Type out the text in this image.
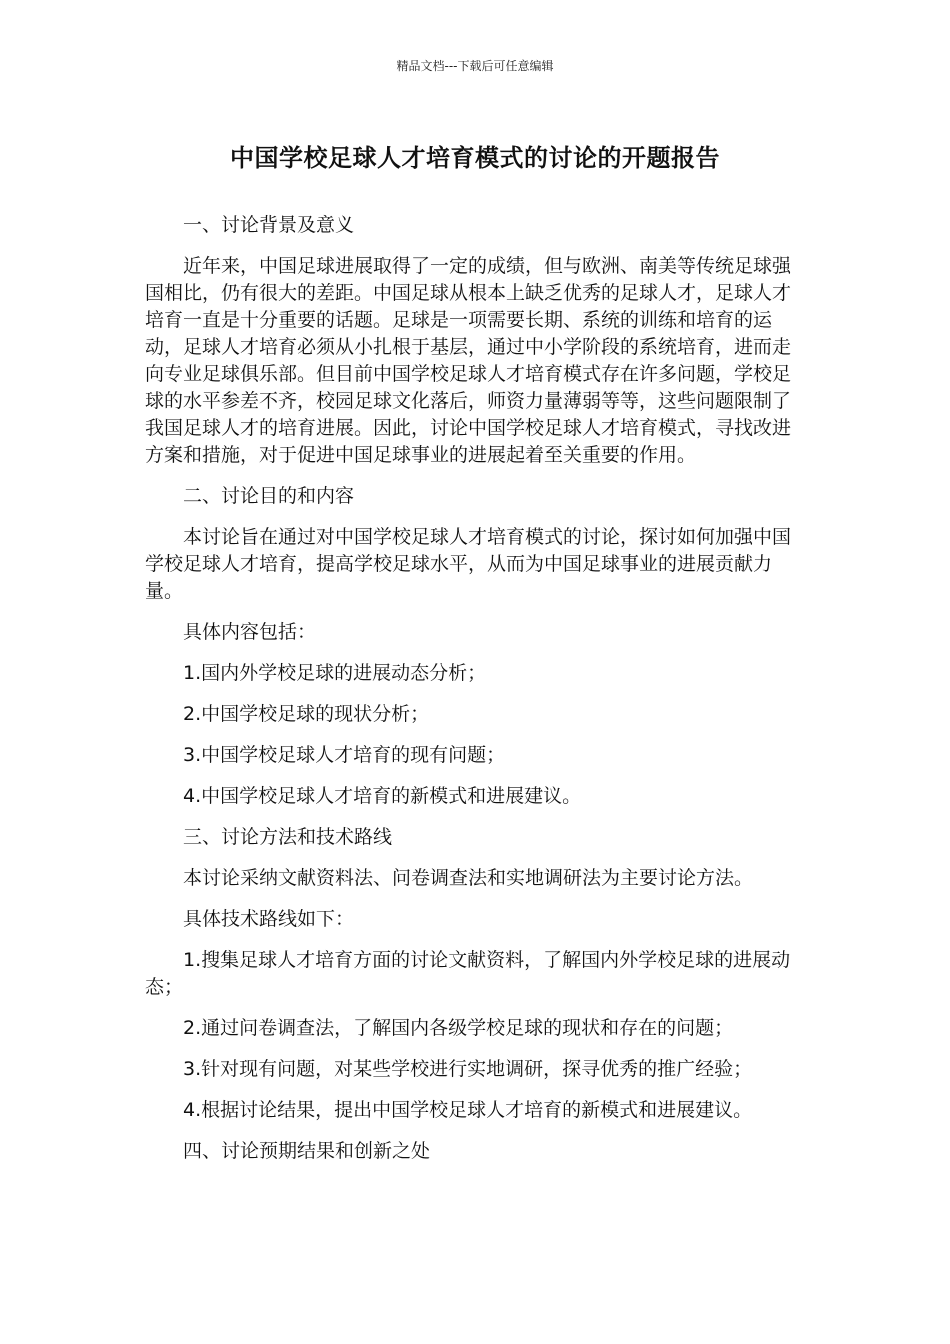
精品文档---下载后可任意编辑
中国学校足球人才培育模式的讨论的开题报告

一、讨论背景及意义

近年来，中国足球进展取得了一定的成绩，但与欧洲、南美等传统足球强国相比，仍有很大的差距。中国足球从根本上缺乏优秀的足球人才，足球人才培育一直是十分重要的话题。足球是一项需要长期、系统的训练和培育的运动，足球人才培育必须从小扎根于基层，通过中小学阶段的系统培育，进而走向专业足球俱乐部。但目前中国学校足球人才培育模式存在许多问题，学校足球的水平参差不齐，校园足球文化落后，师资力量薄弱等等，这些问题限制了我国足球人才的培育进展。因此，讨论中国学校足球人才培育模式，寻找改进方案和措施，对于促进中国足球事业的进展起着至关重要的作用。

二、讨论目的和内容

本讨论旨在通过对中国学校足球人才培育模式的讨论，探讨如何加强中国学校足球人才培育，提高学校足球水平，从而为中国足球事业的进展贡献力量。

具体内容包括：

1.国内外学校足球的进展动态分析；

2.中国学校足球的现状分析；

3.中国学校足球人才培育的现有问题；

4.中国学校足球人才培育的新模式和进展建议。

三、讨论方法和技术路线

本讨论采纳文献资料法、问卷调查法和实地调研法为主要讨论方法。

具体技术路线如下：

1.搜集足球人才培育方面的讨论文献资料，了解国内外学校足球的进展动态；

2.通过问卷调查法，了解国内各级学校足球的现状和存在的问题；

3.针对现有问题，对某些学校进行实地调研，探寻优秀的推广经验；

4.根据讨论结果，提出中国学校足球人才培育的新模式和进展建议。

四、讨论预期结果和创新之处
